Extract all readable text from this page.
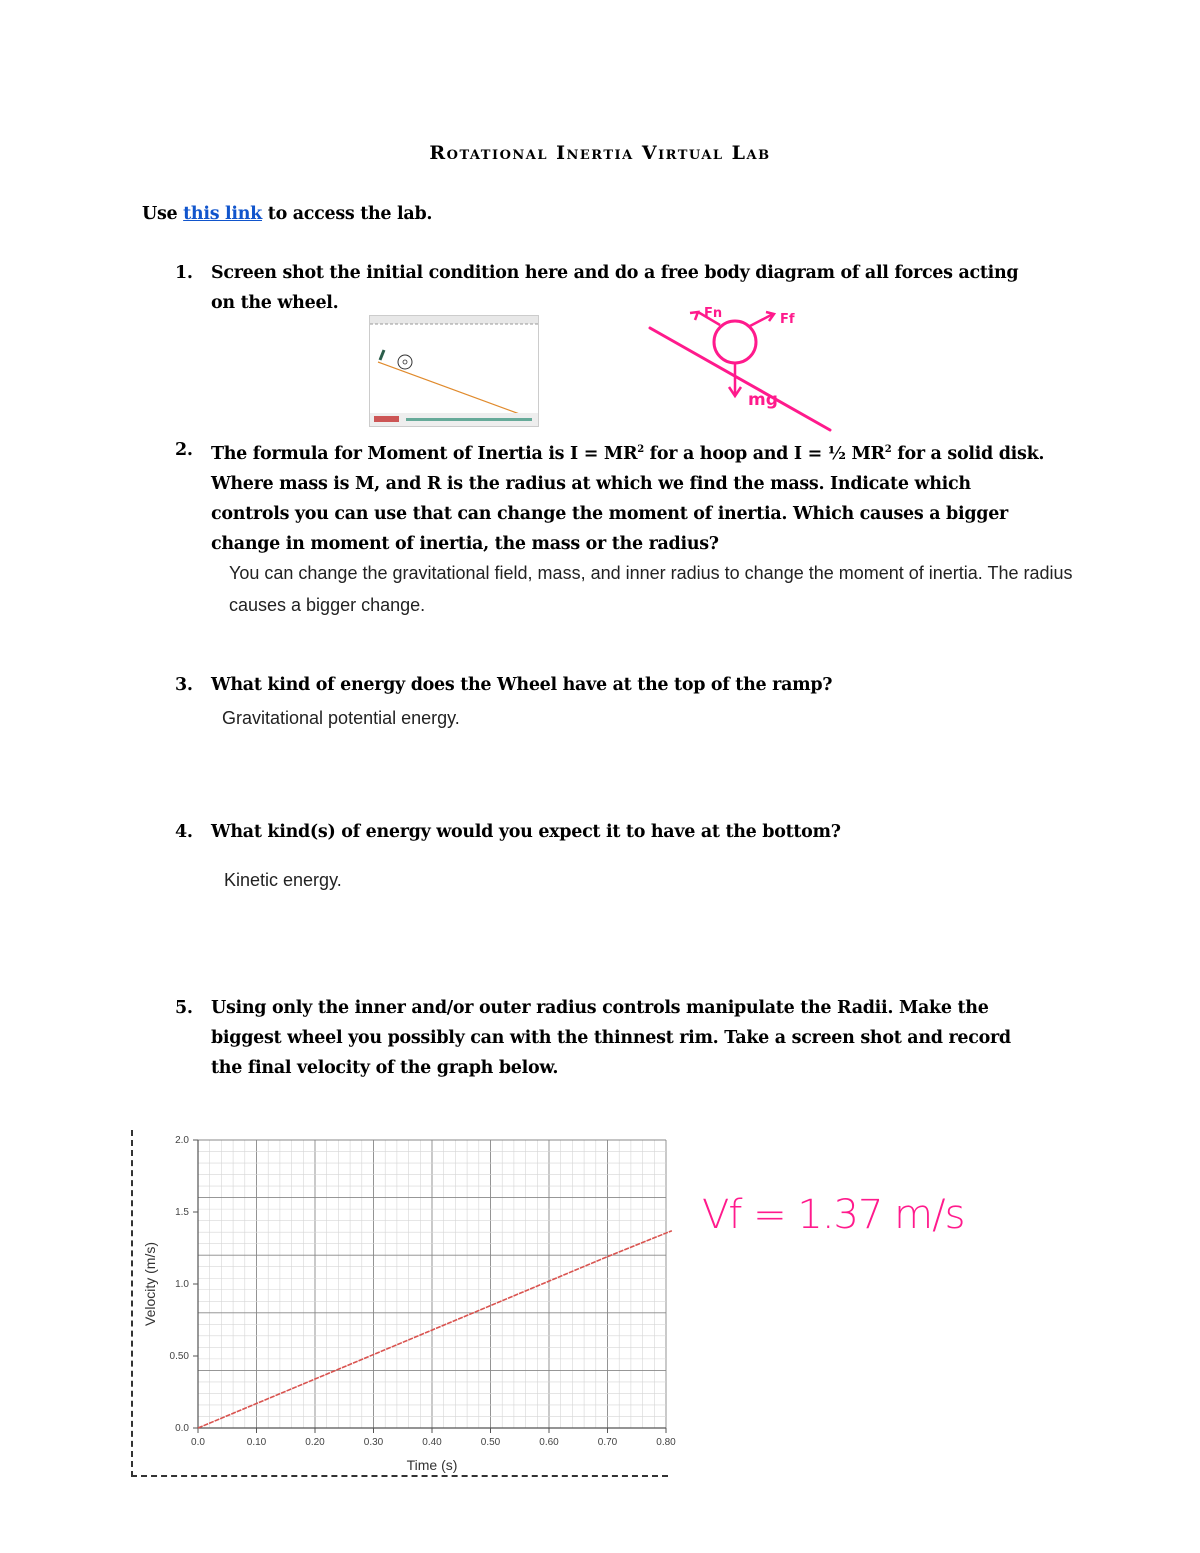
Rotational Inertia Virtual Lab
Use this link to access the lab.
1. Screen shot the initial condition here and do a free body diagram of all forces acting
on the wheel.
Fn	Ff
mg
2. The formula for Moment of Inertia is $I = MR^2$ for a hoop and I = ½ $MR^2$ for a solid disk.
Where mass is M, and R is the radius at which we find the mass. Indicate which
controls you can use that can change the moment of inertia. Which causes a bigger
change in moment of inertia, the mass or the radius?
You can change the gravitational field, mass, and inner radius to change the moment of inertia. The radius
causes a bigger change.
3. What kind of energy does the Wheel have at the top of the ramp?
Gravitational potential energy.
4. What kind(s) of energy would you expect it to have at the bottom?
Kinetic energy.
5. Using only the inner and/or outer radius controls manipulate the Radii. Make the
biggest wheel you possibly can with the thinnest rim. Take a screen shot and record
the final velocity of the graph below.
0.0	0.10	0.20	0.30	0.40	0.50	0.60	0.70	0.80
0.0
0.50
1.0
1.5
2.0
Time (s)
Velocity (m/s)
Vf = 1.37 m/s
